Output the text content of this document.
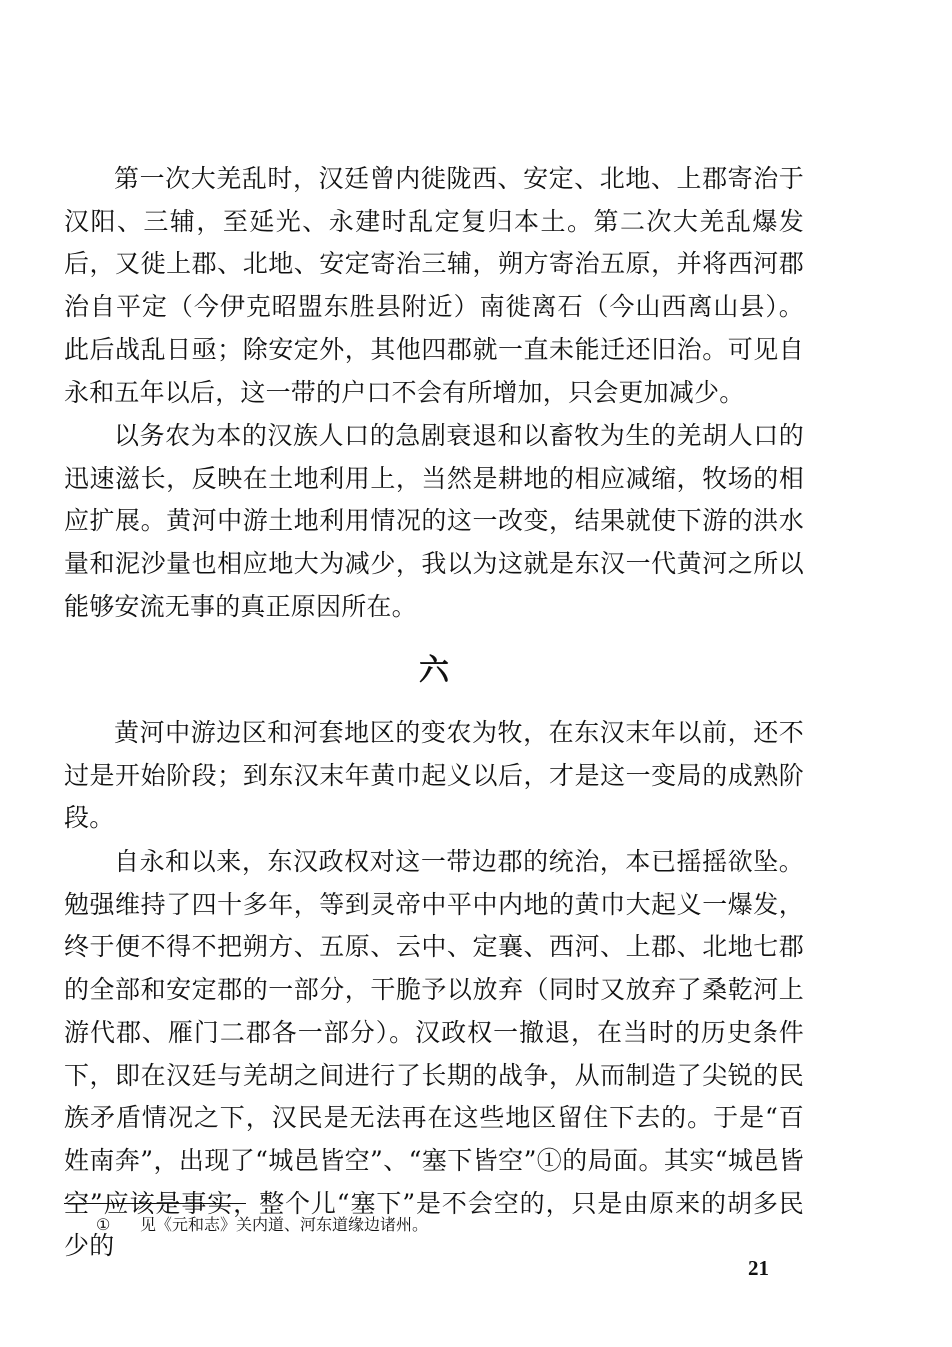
第一次大羌乱时，汉廷曾内徙陇西、安定、北地、上郡寄治于汉阳、三辅，至延光、永建时乱定复归本土。第二次大羌乱爆发后，又徙上郡、北地、安定寄治三辅，朔方寄治五原，并将西河郡治自平定（今伊克昭盟东胜县附近）南徙离石（今山西离山县）。此后战乱日亟；除安定外，其他四郡就一直未能迁还旧治。可见自永和五年以后，这一带的户口不会有所增加，只会更加减少。

以务农为本的汉族人口的急剧衰退和以畜牧为生的羌胡人口的迅速滋长，反映在土地利用上，当然是耕地的相应减缩，牧场的相应扩展。黄河中游土地利用情况的这一改变，结果就使下游的洪水量和泥沙量也相应地大为减少，我以为这就是东汉一代黄河之所以能够安流无事的真正原因所在。

六

黄河中游边区和河套地区的变农为牧，在东汉末年以前，还不过是开始阶段；到东汉末年黄巾起义以后，才是这一变局的成熟阶段。

自永和以来，东汉政权对这一带边郡的统治，本已摇摇欲坠。勉强维持了四十多年，等到灵帝中平中内地的黄巾大起义一爆发，终于便不得不把朔方、五原、云中、定襄、西河、上郡、北地七郡的全部和安定郡的一部分，干脆予以放弃（同时又放弃了桑乾河上游代郡、雁门二郡各一部分）。汉政权一撤退，在当时的历史条件下，即在汉廷与羌胡之间进行了长期的战争，从而制造了尖锐的民族矛盾情况之下，汉民是无法再在这些地区留住下去的。于是“百姓南奔”，出现了“城邑皆空”、“塞下皆空”①的局面。其实“城邑皆空”应该是事实，整个儿“塞下”是不会空的，只是由原来的胡多民少的

① 见《元和志》关内道、河东道缘边诸州。

21
